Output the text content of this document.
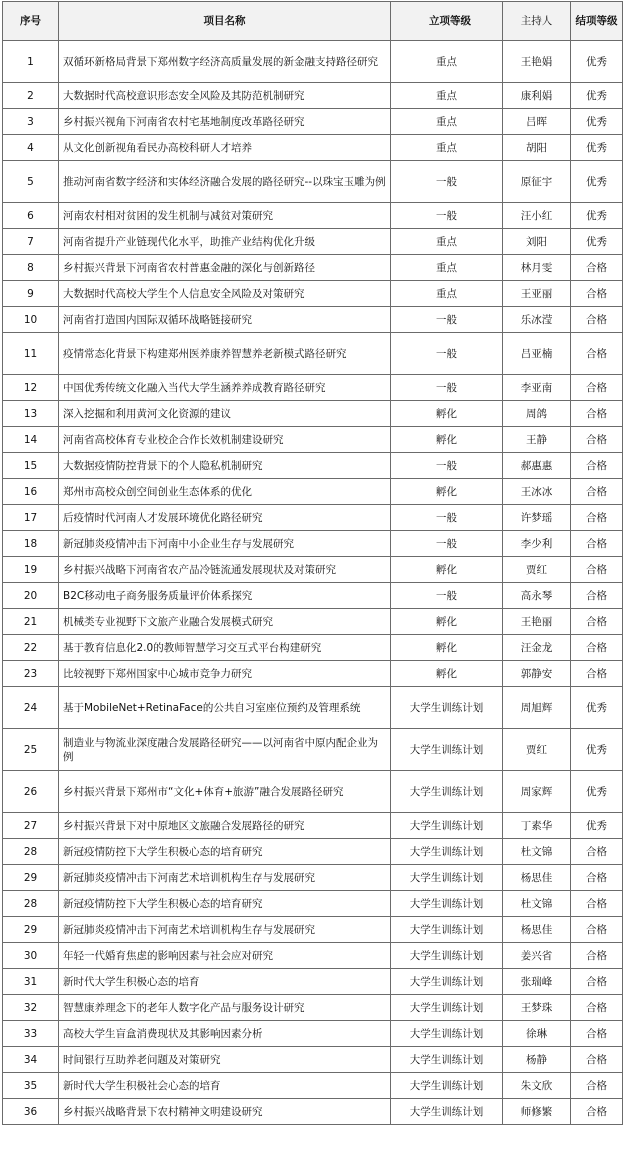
序号	项目名称	立项等级	主持人	结项等级
1	双循环新格局背景下郑州数字经济高质量发展的新金融支持路径研究	重点	王艳娟	优秀
2	大数据时代高校意识形态安全风险及其防范机制研究	重点	康利娟	优秀
3	乡村振兴视角下河南省农村宅基地制度改革路径研究	重点	吕晖	优秀
4	从文化创新视角看民办高校科研人才培养	重点	胡阳	优秀
5	推动河南省数字经济和实体经济融合发展的路径研究--以珠宝玉雕为例	一般	原征宇	优秀
6	河南农村相对贫困的发生机制与减贫对策研究	一般	汪小红	优秀
7	河南省提升产业链现代化水平，助推产业结构优化升级	重点	刘阳	优秀
8	乡村振兴背景下河南省农村普惠金融的深化与创新路径	重点	林月雯	合格
9	大数据时代高校大学生个人信息安全风险及对策研究	重点	王亚丽	合格
10	河南省打造国内国际双循环战略链接研究	一般	乐冰滢	合格
11	疫情常态化背景下构建郑州医养康养智慧养老新模式路径研究	一般	吕亚楠	合格
12	中国优秀传统文化融入当代大学生涵养养成教育路径研究	一般	李亚南	合格
13	深入挖掘和利用黄河文化资源的建议	孵化	周鸽	合格
14	河南省高校体育专业校企合作长效机制建设研究	孵化	王静	合格
15	大数据疫情防控背景下的个人隐私机制研究	一般	郝惠惠	合格
16	郑州市高校众创空间创业生态体系的优化	孵化	王冰冰	合格
17	后疫情时代河南人才发展环境优化路径研究	一般	许梦瑶	合格
18	新冠肺炎疫情冲击下河南中小企业生存与发展研究	一般	李少利	合格
19	乡村振兴战略下河南省农产品冷链流通发展现状及对策研究	孵化	贾红	合格
20	B2C移动电子商务服务质量评价体系探究	一般	高永琴	合格
21	机械类专业视野下文旅产业融合发展模式研究	孵化	王艳丽	合格
22	基于教育信息化2.0的教师智慧学习交互式平台构建研究	孵化	汪金龙	合格
23	比较视野下郑州国家中心城市竞争力研究	孵化	郭静安	合格
24	基于MobileNet+RetinaFace的公共自习室座位预约及管理系统	大学生训练计划	周旭辉	优秀
25	制造业与物流业深度融合发展路径研究——以河南省中原内配企业为例	大学生训练计划	贾红	优秀
26	乡村振兴背景下郑州市“文化+体育+旅游”融合发展路径研究	大学生训练计划	周家辉	优秀
27	乡村振兴背景下对中原地区文旅融合发展路径的研究	大学生训练计划	丁素华	优秀
28	新冠疫情防控下大学生积极心态的培育研究	大学生训练计划	杜文锦	合格
29	新冠肺炎疫情冲击下河南艺术培训机构生存与发展研究	大学生训练计划	杨思佳	合格
28	新冠疫情防控下大学生积极心态的培育研究	大学生训练计划	杜文锦	合格
29	新冠肺炎疫情冲击下河南艺术培训机构生存与发展研究	大学生训练计划	杨思佳	合格
30	年轻一代婚育焦虑的影响因素与社会应对研究	大学生训练计划	姜兴省	合格
31	新时代大学生积极心态的培育	大学生训练计划	张瑞峰	合格
32	智慧康养理念下的老年人数字化产品与服务设计研究	大学生训练计划	王梦珠	合格
33	高校大学生盲盒消费现状及其影响因素分析	大学生训练计划	徐琳	合格
34	时间银行互助养老问题及对策研究	大学生训练计划	杨静	合格
35	新时代大学生积极社会心态的培育	大学生训练计划	朱文欣	合格
36	乡村振兴战略背景下农村精神文明建设研究	大学生训练计划	师修繁	合格
